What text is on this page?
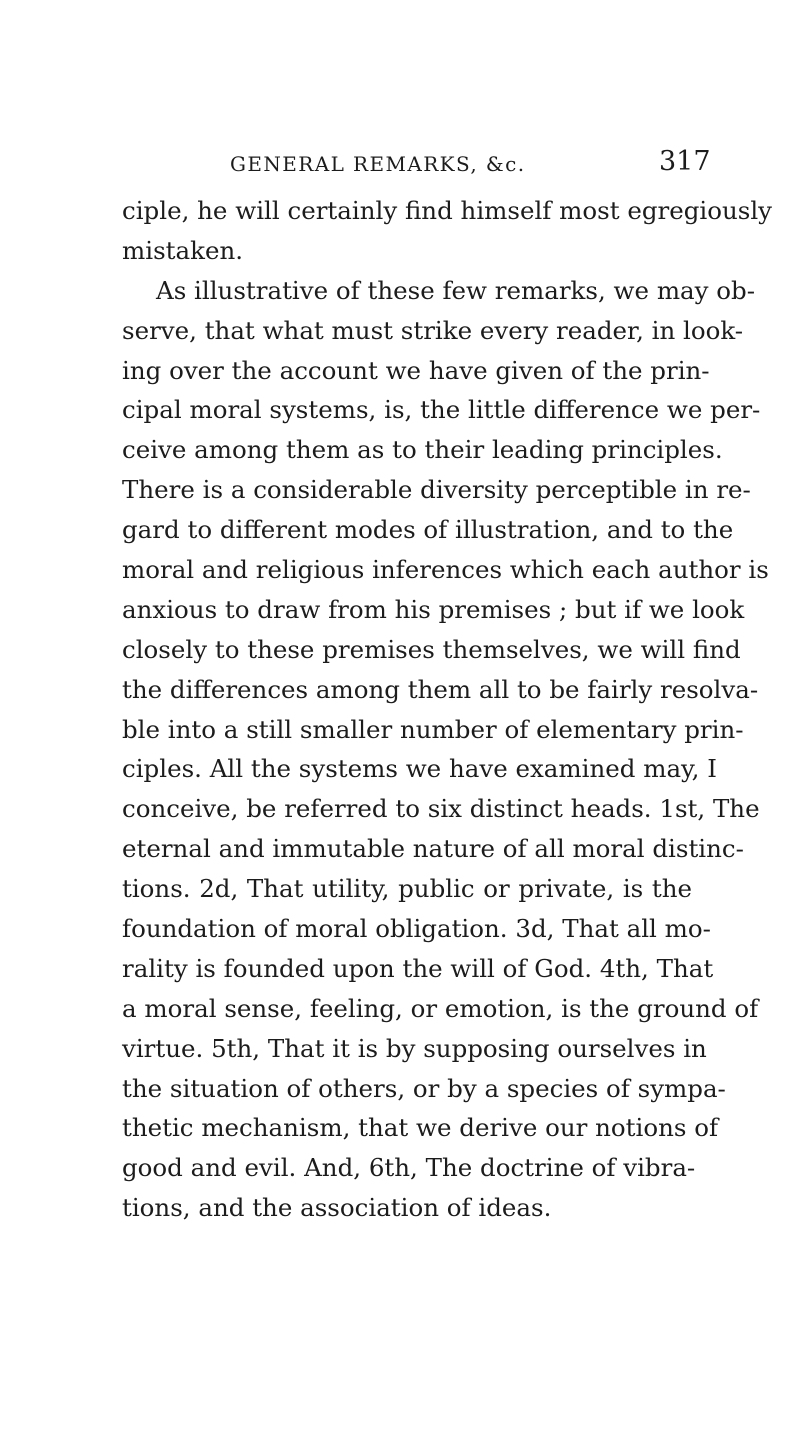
GENERAL REMARKS, &c.	317
ciple, he will certainly find himself most egregiously
mistaken.
As illustrative of these few remarks, we may ob-
serve, that what must strike every reader, in look-
ing over the account we have given of the prin-
cipal moral systems, is, the little difference we per-
ceive among them as to their leading principles.
There is a considerable diversity perceptible in re-
gard to different modes of illustration, and to the
moral and religious inferences which each author is
anxious to draw from his premises ; but if we look
closely to these premises themselves, we will find
the differences among them all to be fairly resolva-
ble into a still smaller number of elementary prin-
ciples. All the systems we have examined may, I
conceive, be referred to six distinct heads. 1st, The
eternal and immutable nature of all moral distinc-
tions. 2d, That utility, public or private, is the
foundation of moral obligation. 3d, That all mo-
rality is founded upon the will of God. 4th, That
a moral sense, feeling, or emotion, is the ground of
virtue. 5th, That it is by supposing ourselves in
the situation of others, or by a species of sympa-
thetic mechanism, that we derive our notions of
good and evil. And, 6th, The doctrine of vibra-
tions, and the association of ideas.
